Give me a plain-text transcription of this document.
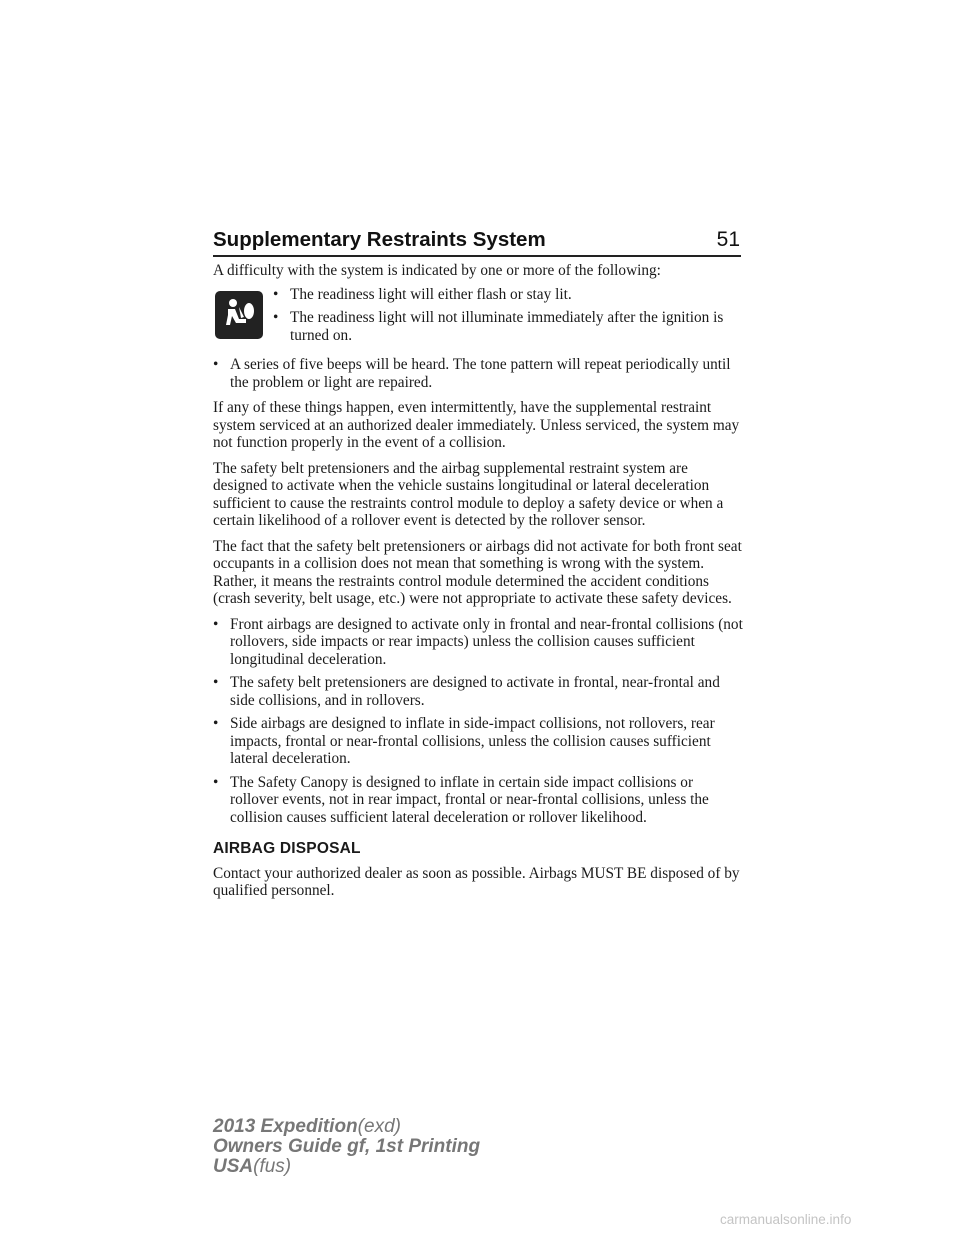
Supplementary Restraints System	51

A difficulty with the system is indicated by one or more of the following:

• The readiness light will either flash or stay lit.
• The readiness light will not illuminate immediately after the ignition is turned on.
• A series of five beeps will be heard. The tone pattern will repeat periodically until the problem or light are repaired.

If any of these things happen, even intermittently, have the supplemental restraint system serviced at an authorized dealer immediately. Unless serviced, the system may not function properly in the event of a collision.

The safety belt pretensioners and the airbag supplemental restraint system are designed to activate when the vehicle sustains longitudinal or lateral deceleration sufficient to cause the restraints control module to deploy a safety device or when a certain likelihood of a rollover event is detected by the rollover sensor.

The fact that the safety belt pretensioners or airbags did not activate for both front seat occupants in a collision does not mean that something is wrong with the system. Rather, it means the restraints control module determined the accident conditions (crash severity, belt usage, etc.) were not appropriate to activate these safety devices.

• Front airbags are designed to activate only in frontal and near-frontal collisions (not rollovers, side impacts or rear impacts) unless the collision causes sufficient longitudinal deceleration.
• The safety belt pretensioners are designed to activate in frontal, near-frontal and side collisions, and in rollovers.
• Side airbags are designed to inflate in side-impact collisions, not rollovers, rear impacts, frontal or near-frontal collisions, unless the collision causes sufficient lateral deceleration.
• The Safety Canopy is designed to inflate in certain side impact collisions or rollover events, not in rear impact, frontal or near-frontal collisions, unless the collision causes sufficient lateral deceleration or rollover likelihood.
AIRBAG DISPOSAL

Contact your authorized dealer as soon as possible. Airbags MUST BE disposed of by qualified personnel.

2013 Expedition(exd)
Owners Guide gf, 1st Printing
USA(fus)
carmanualsonline.info
